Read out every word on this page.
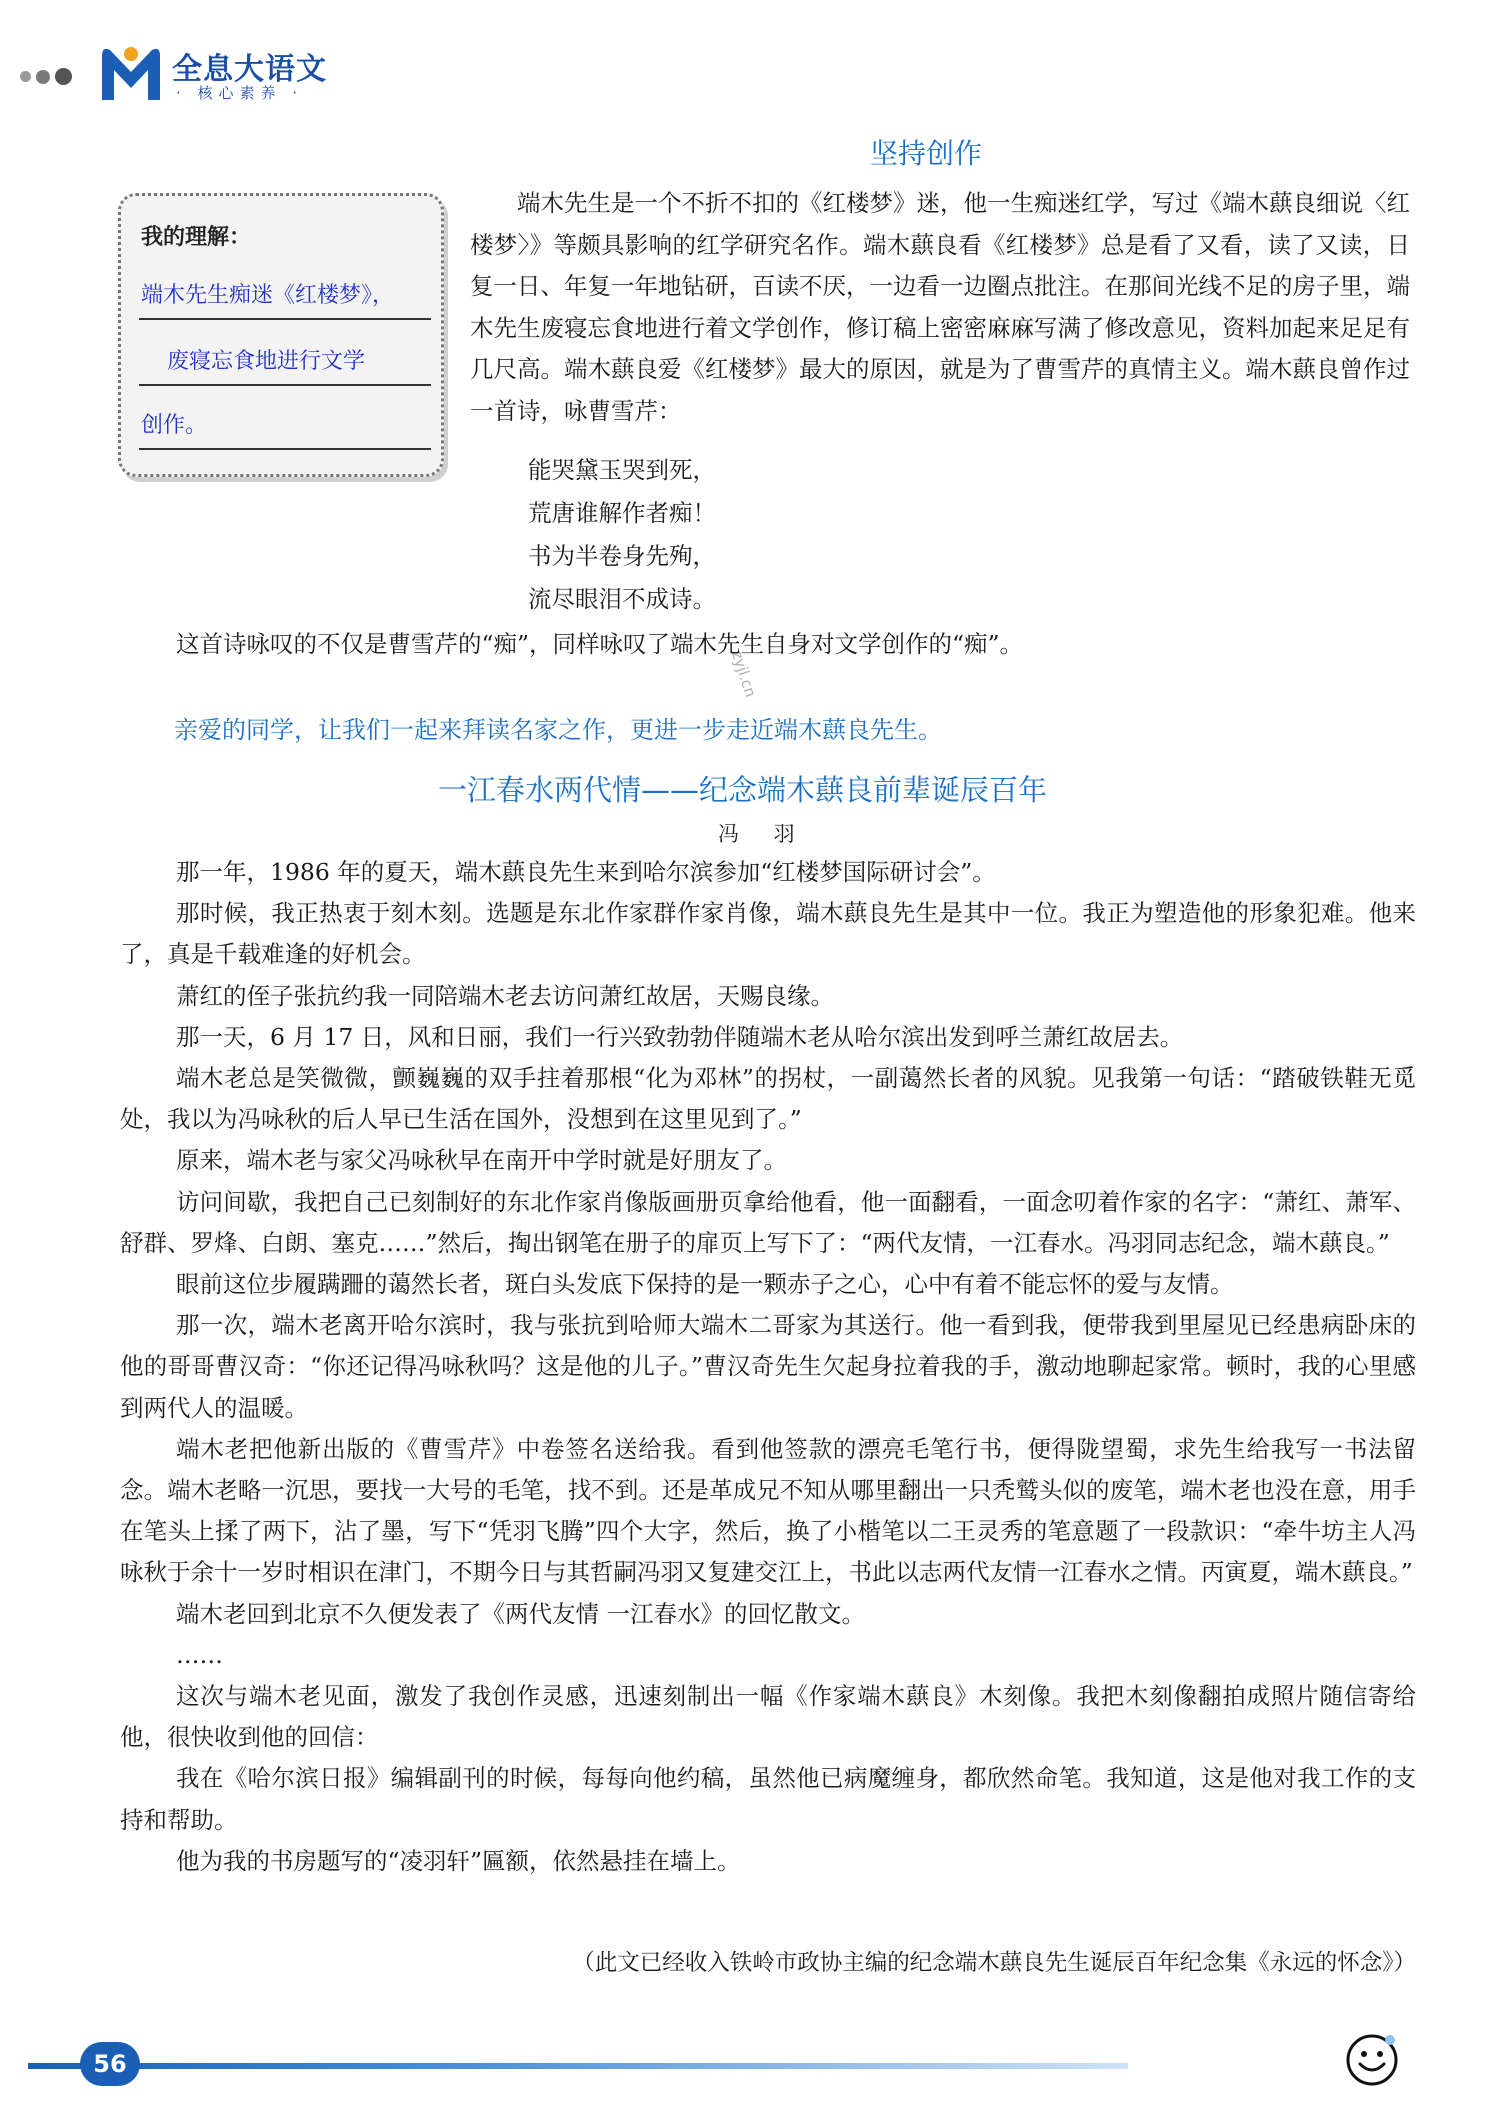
全息大语文
· 核心素养 ·
坚持创作
我的理解：
端木先生痴迷《红楼梦》，
废寝忘食地进行文学
创作。
端木先生是一个不折不扣的《红楼梦》迷，他一生痴迷红学，写过《端木蕻良细说〈红楼梦〉》等颇具影响的红学研究名作。端木蕻良看《红楼梦》总是看了又看，读了又读，日复一日、年复一年地钻研，百读不厌，一边看一边圈点批注。在那间光线不足的房子里，端木先生废寝忘食地进行着文学创作，修订稿上密密麻麻写满了修改意见，资料加起来足足有几尺高。端木蕻良爱《红楼梦》最大的原因，就是为了曹雪芹的真情主义。端木蕻良曾作过一首诗，咏曹雪芹：
能哭黛玉哭到死，
荒唐谁解作者痴！
书为半卷身先殉，
流尽眼泪不成诗。
这首诗咏叹的不仅是曹雪芹的“痴”，同样咏叹了端木先生自身对文学创作的“痴”。
zyjl.cn
亲爱的同学，让我们一起来拜读名家之作，更进一步走近端木蕻良先生。
一江春水两代情——纪念端木蕻良前辈诞辰百年
冯 羽

那一年，1986 年的夏天，端木蕻良先生来到哈尔滨参加“红楼梦国际研讨会”。

那时候，我正热衷于刻木刻。选题是东北作家群作家肖像，端木蕻良先生是其中一位。我正为塑造他的形象犯难。他来了，真是千载难逢的好机会。

萧红的侄子张抗约我一同陪端木老去访问萧红故居，天赐良缘。

那一天，6 月 17 日，风和日丽，我们一行兴致勃勃伴随端木老从哈尔滨出发到呼兰萧红故居去。

端木老总是笑微微，颤巍巍的双手拄着那根“化为邓林”的拐杖，一副蔼然长者的风貌。见我第一句话：“踏破铁鞋无觅处，我以为冯咏秋的后人早已生活在国外，没想到在这里见到了。”

原来，端木老与家父冯咏秋早在南开中学时就是好朋友了。

访问间歇，我把自己已刻制好的东北作家肖像版画册页拿给他看，他一面翻看，一面念叨着作家的名字：“萧红、萧军、舒群、罗烽、白朗、塞克……”然后，掏出钢笔在册子的扉页上写下了：“两代友情，一江春水。冯羽同志纪念，端木蕻良。”

眼前这位步履蹒跚的蔼然长者，斑白头发底下保持的是一颗赤子之心，心中有着不能忘怀的爱与友情。

那一次，端木老离开哈尔滨时，我与张抗到哈师大端木二哥家为其送行。他一看到我，便带我到里屋见已经患病卧床的他的哥哥曹汉奇：“你还记得冯咏秋吗？这是他的儿子。”曹汉奇先生欠起身拉着我的手，激动地聊起家常。顿时，我的心里感到两代人的温暖。

端木老把他新出版的《曹雪芹》中卷签名送给我。看到他签款的漂亮毛笔行书，便得陇望蜀，求先生给我写一书法留念。端木老略一沉思，要找一大号的毛笔，找不到。还是革成兄不知从哪里翻出一只秃鹫头似的废笔，端木老也没在意，用手在笔头上揉了两下，沾了墨，写下“凭羽飞腾”四个大字，然后，换了小楷笔以二王灵秀的笔意题了一段款识：“牵牛坊主人冯咏秋于余十一岁时相识在津门，不期今日与其哲嗣冯羽又复建交江上，书此以志两代友情一江春水之情。丙寅夏，端木蕻良。”

端木老回到北京不久便发表了《两代友情 一江春水》的回忆散文。

……

这次与端木老见面，激发了我创作灵感，迅速刻制出一幅《作家端木蕻良》木刻像。我把木刻像翻拍成照片随信寄给他，很快收到他的回信：

我在《哈尔滨日报》编辑副刊的时候，每每向他约稿，虽然他已病魔缠身，都欣然命笔。我知道，这是他对我工作的支持和帮助。

他为我的书房题写的“凌羽轩”匾额，依然悬挂在墙上。

（此文已经收入铁岭市政协主编的纪念端木蕻良先生诞辰百年纪念集《永远的怀念》）
56
